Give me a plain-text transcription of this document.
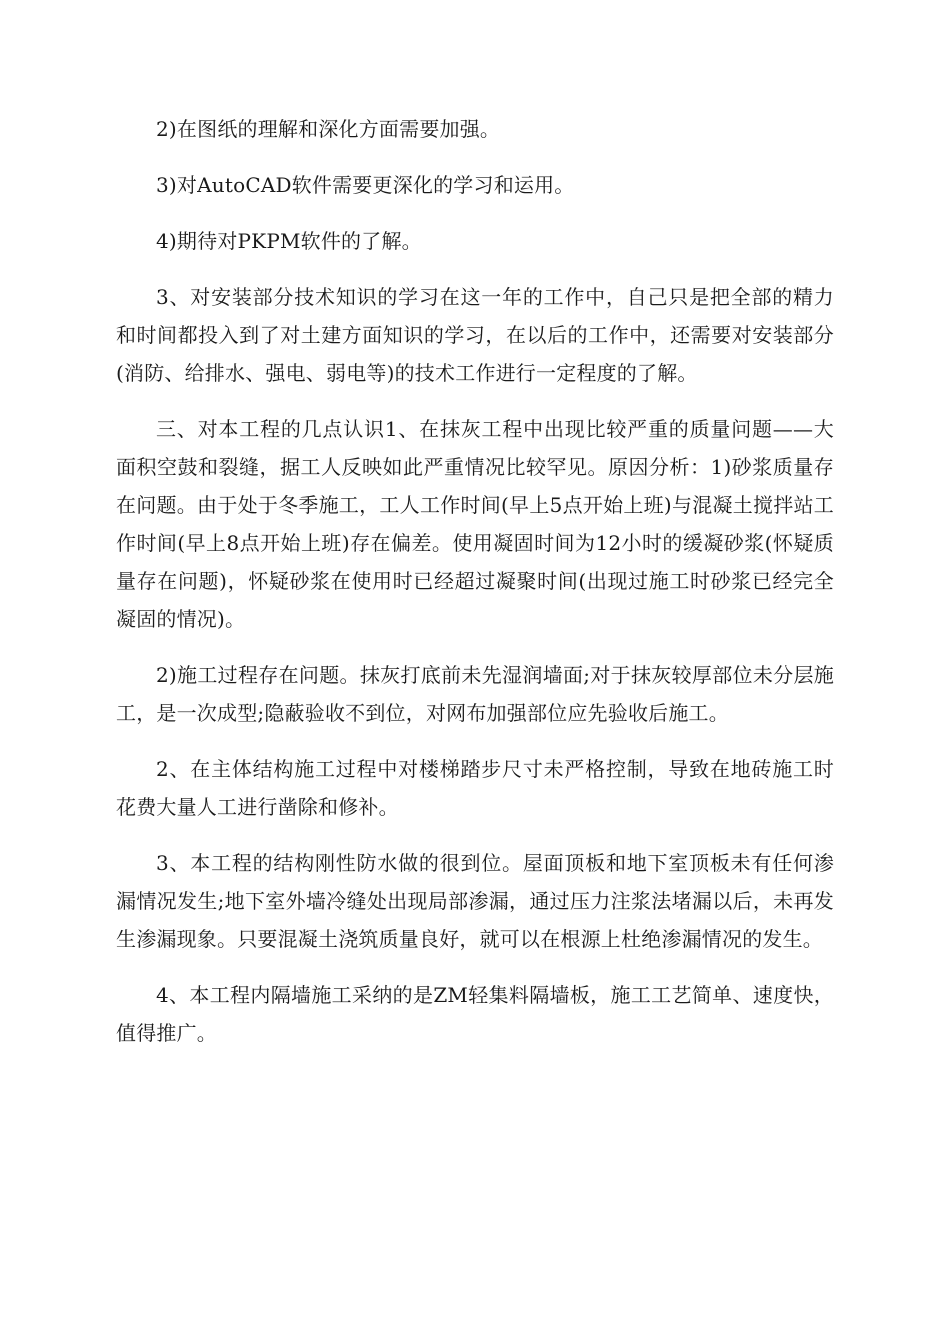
2)在图纸的理解和深化方面需要加强。

3)对AutoCAD软件需要更深化的学习和运用。

4)期待对PKPM软件的了解。

3、对安装部分技术知识的学习在这一年的工作中，自己只是把全部的精力和时间都投入到了对土建方面知识的学习，在以后的工作中，还需要对安装部分(消防、给排水、强电、弱电等)的技术工作进行一定程度的了解。

三、对本工程的几点认识1、在抹灰工程中出现比较严重的质量问题——大面积空鼓和裂缝，据工人反映如此严重情况比较罕见。原因分析：1)砂浆质量存在问题。由于处于冬季施工，工人工作时间(早上5点开始上班)与混凝土搅拌站工作时间(早上8点开始上班)存在偏差。使用凝固时间为12小时的缓凝砂浆(怀疑质量存在问题)，怀疑砂浆在使用时已经超过凝聚时间(出现过施工时砂浆已经完全凝固的情况)。

2)施工过程存在问题。抹灰打底前未先湿润墙面;对于抹灰较厚部位未分层施工，是一次成型;隐蔽验收不到位，对网布加强部位应先验收后施工。

2、在主体结构施工过程中对楼梯踏步尺寸未严格控制，导致在地砖施工时花费大量人工进行凿除和修补。

3、本工程的结构刚性防水做的很到位。屋面顶板和地下室顶板未有任何渗漏情况发生;地下室外墙冷缝处出现局部渗漏，通过压力注浆法堵漏以后，未再发生渗漏现象。只要混凝土浇筑质量良好，就可以在根源上杜绝渗漏情况的发生。

4、本工程内隔墙施工采纳的是ZM轻集料隔墙板，施工工艺简单、速度快，值得推广。
